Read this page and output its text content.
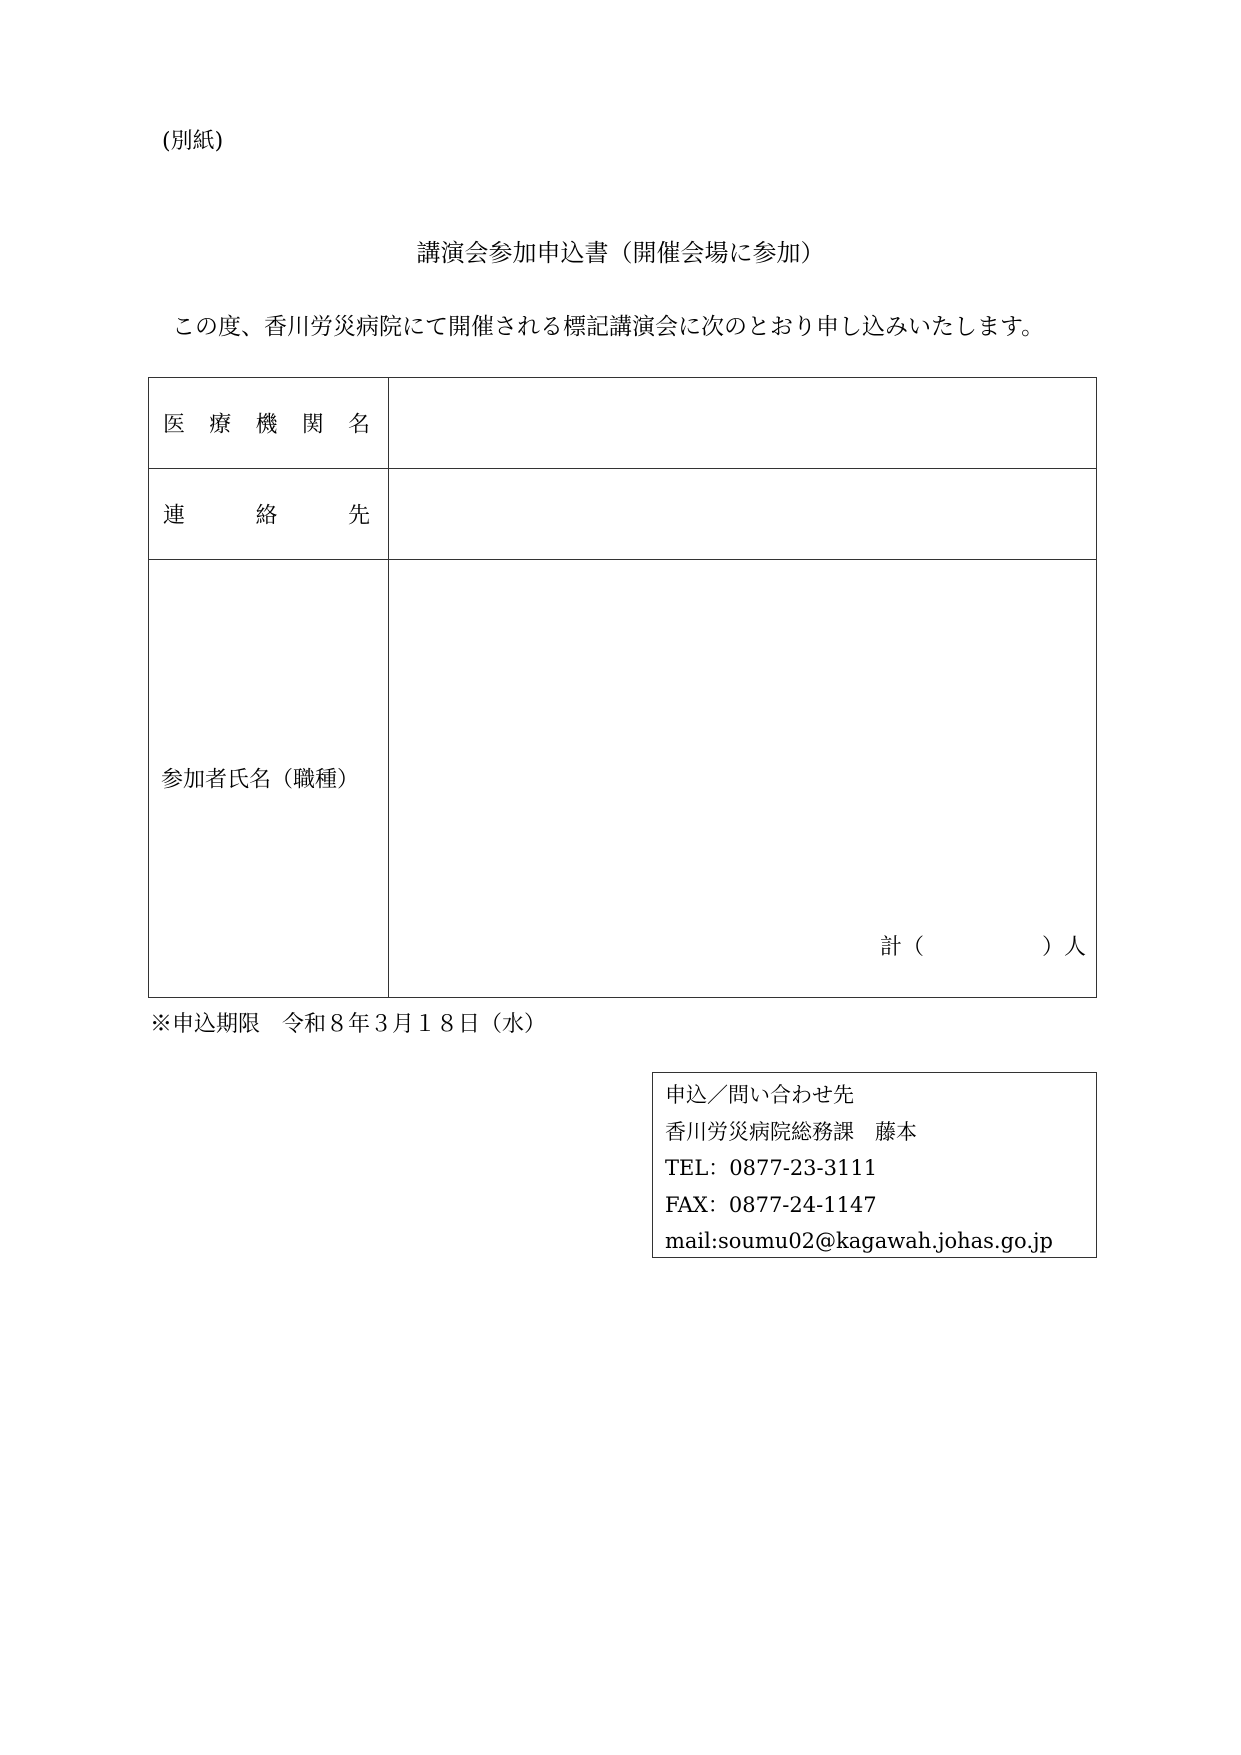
(別紙)
講演会参加申込書（開催会場に参加）
この度、香川労災病院にて開催される標記講演会に次のとおり申し込みいたします。
医 療 機 関 名
連	絡	先
参加者氏名（職種）
計（	）人
※申込期限　令和８年３月１８日（水）
申込／問い合わせ先
香川労災病院総務課　藤本
TEL：0877-23-3111
FAX：0877-24-1147
mail:soumu02@kagawah.johas.go.jp
